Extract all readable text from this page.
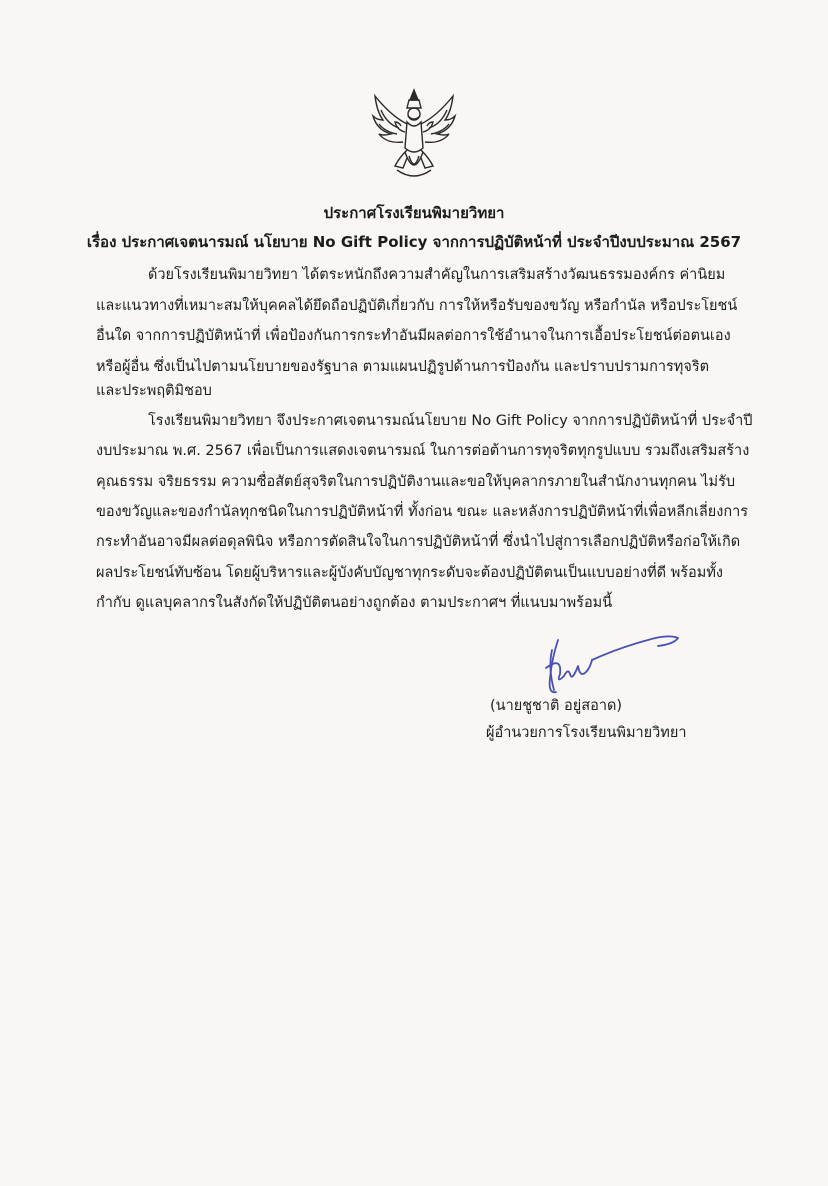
ประกาศโรงเรียนพิมายวิทยา
เรื่อง ประกาศเจตนารมณ์ นโยบาย No Gift Policy จากการปฏิบัติหน้าที่ ประจำปีงบประมาณ 2567
ด้วยโรงเรียนพิมายวิทยา ได้ตระหนักถึงความสำคัญในการเสริมสร้างวัฒนธรรมองค์กร ค่านิยม
และแนวทางที่เหมาะสมให้บุคคลได้ยึดถือปฏิบัติเกี่ยวกับ การให้หรือรับของขวัญ หรือกำนัล หรือประโยชน์
อื่นใด จากการปฏิบัติหน้าที่ เพื่อป้องกันการกระทำอันมีผลต่อการใช้อำนาจในการเอื้อประโยชน์ต่อตนเอง
หรือผู้อื่น ซึ่งเป็นไปตามนโยบายของรัฐบาล ตามแผนปฏิรูปด้านการป้องกัน และปราบปรามการทุจริต
และประพฤติมิชอบ
โรงเรียนพิมายวิทยา จึงประกาศเจตนารมณ์นโยบาย No Gift Policy จากการปฏิบัติหน้าที่ ประจำปี
งบประมาณ พ.ศ. 2567 เพื่อเป็นการแสดงเจตนารมณ์ ในการต่อต้านการทุจริตทุกรูปแบบ รวมถึงเสริมสร้าง
คุณธรรม จริยธรรม ความซื่อสัตย์สุจริตในการปฏิบัติงานและขอให้บุคลากรภายในสำนักงานทุกคน ไม่รับ
ของขวัญและของกำนัลทุกชนิดในการปฏิบัติหน้าที่ ทั้งก่อน ขณะ และหลังการปฏิบัติหน้าที่เพื่อหลีกเลี่ยงการ
กระทำอันอาจมีผลต่อดุลพินิจ หรือการตัดสินใจในการปฏิบัติหน้าที่ ซึ่งนำไปสู่การเลือกปฏิบัติหรือก่อให้เกิด
ผลประโยชน์ทับซ้อน โดยผู้บริหารและผู้บังคับบัญชาทุกระดับจะต้องปฏิบัติตนเป็นแบบอย่างที่ดี พร้อมทั้ง
กำกับ ดูแลบุคลากรในสังกัดให้ปฏิบัติตนอย่างถูกต้อง ตามประกาศฯ ที่แนบมาพร้อมนี้
(นายชูชาติ อยู่สอาด)
ผู้อำนวยการโรงเรียนพิมายวิทยา
